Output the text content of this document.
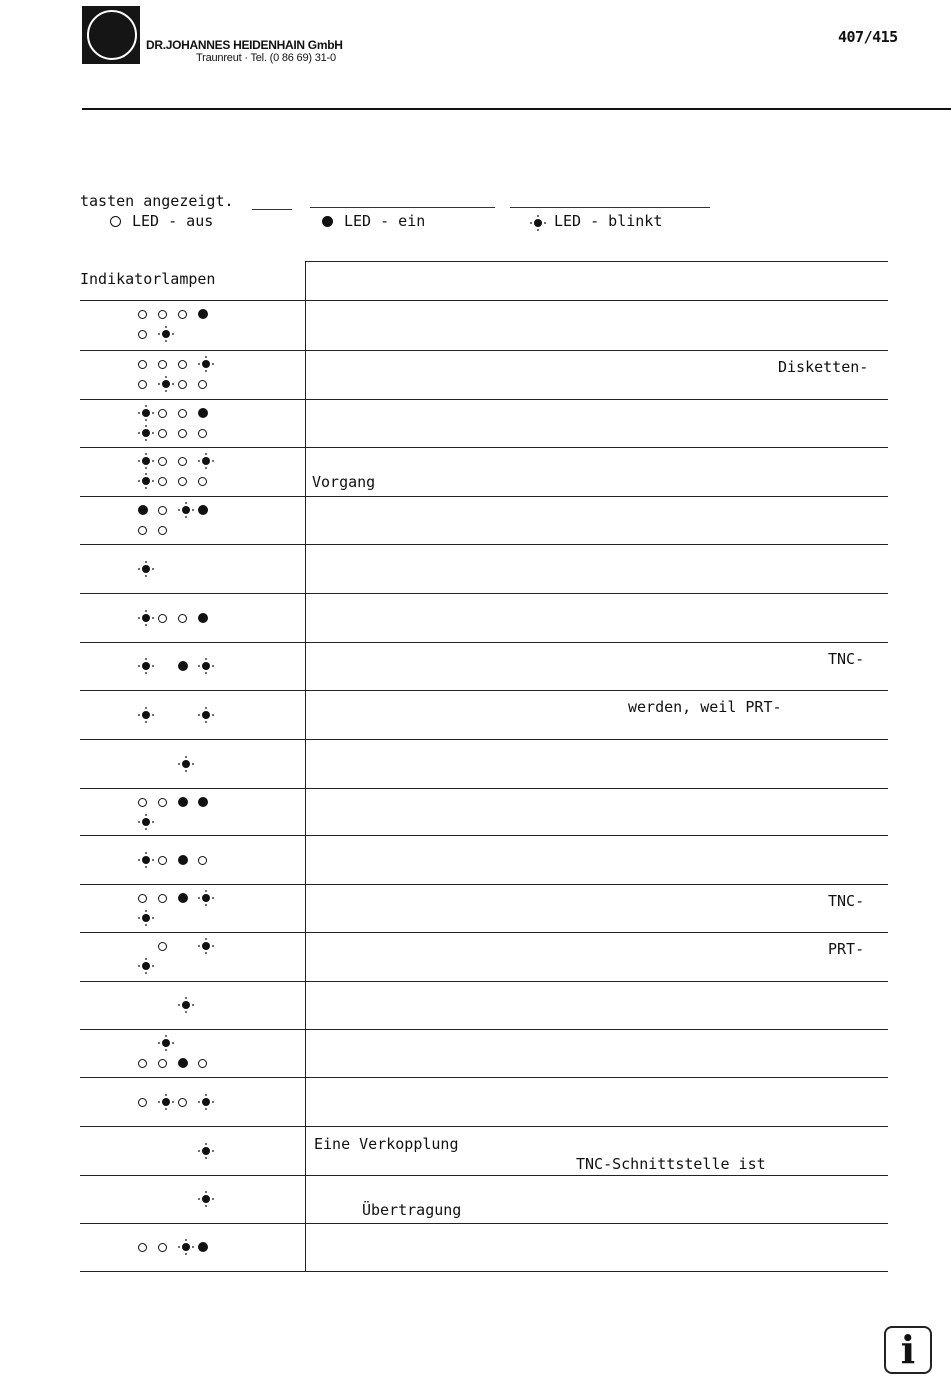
DR.JOHANNES HEIDENHAIN GmbH
Traunreut · Tel. (0 86 69) 31-0
407/415
tasten angezeigt.
LED - aus	LED - ein	LED - blinkt
Indikatorlampen
Disketten-
Vorgang
TNC-
werden, weil PRT-
TNC-
PRT-
Eine Verkopplung
TNC-Schnittstelle ist
Übertragung
i
